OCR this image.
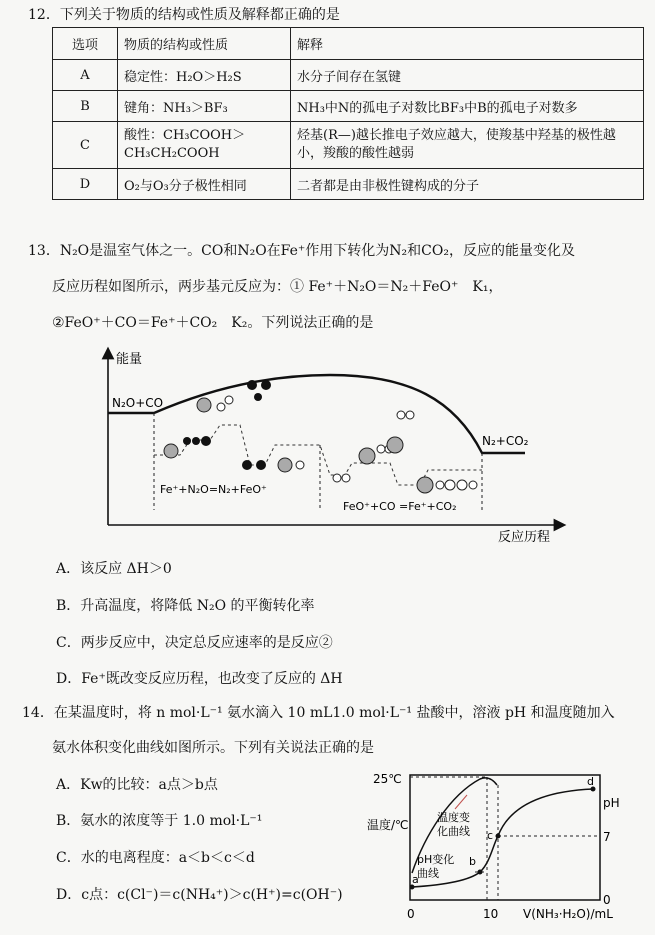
12．下列关于物质的结构或性质及解释都正确的是
选项	物质的结构或性质	解释
A	稳定性：H₂O＞H₂S	水分子间存在氢键
B	键角：NH₃＞BF₃	NH₃中N的孤电子对数比BF₃中B的孤电子对数多
C	酸性：CH₃COOH＞CH₃CH₂COOH	烃基(R—)越长推电子效应越大，使羧基中羟基的极性越小，羧酸的酸性越弱
D	O₂与O₃分子极性相同	二者都是由非极性键构成的分子
13．N₂O是温室气体之一。CO和N₂O在Fe⁺作用下转化为N₂和CO₂，反应的能量变化及
反应历程如图所示，两步基元反应为：① Fe⁺＋N₂O＝N₂＋FeO⁺　K₁，
②FeO⁺＋CO＝Fe⁺＋CO₂　K₂。下列说法正确的是
能量
反应历程
N₂O+CO
N₂+CO₂
Fe⁺+N₂O=N₂+FeO⁺
FeO⁺+CO =Fe⁺+CO₂
A．该反应 ΔH＞0
B．升高温度，将降低 N₂O 的平衡转化率
C．两步反应中，决定总反应速率的是反应②
D．Fe⁺既改变反应历程，也改变了反应的 ΔH
14．在某温度时，将 n mol·L⁻¹ 氨水滴入 10 mL1.0 mol·L⁻¹ 盐酸中，溶液 pH 和温度随加入
氨水体积变化曲线如图所示。下列有关说法正确的是
A．Kw的比较：a点＞b点
B．氨水的浓度等于 1.0 mol·L⁻¹
C．水的电离程度：a＜b＜c＜d
D．c点：c(Cl⁻)＝c(NH₄⁺)＞c(H⁺)=c(OH⁻)
25℃
温度/℃
pH
7
0
0	10 V(NH₃·H₂O)/mL
a
b
c
d
温度变
化曲线
pH变化
曲线
